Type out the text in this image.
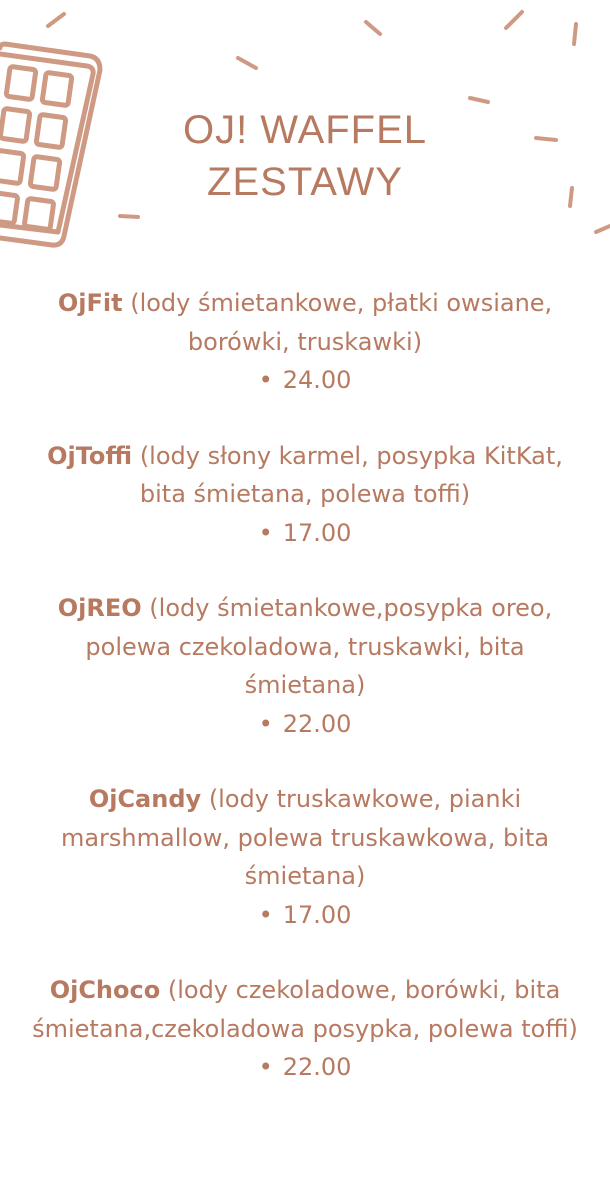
OJ! WAFFEL
ZESTAWY
OjFit (lody śmietankowe, płatki owsiane, borówki, truskawki)
• 24.00
OjToffi (lody słony karmel, posypka KitKat, bita śmietana, polewa toffi)
• 17.00
OjREO (lody śmietankowe,posypka oreo, polewa czekoladowa, truskawki, bita śmietana)
• 22.00
OjCandy (lody truskawkowe, pianki marshmallow, polewa truskawkowa, bita śmietana)
• 17.00
OjChoco (lody czekoladowe, borówki, bita śmietana,czekoladowa posypka, polewa toffi)
• 22.00
